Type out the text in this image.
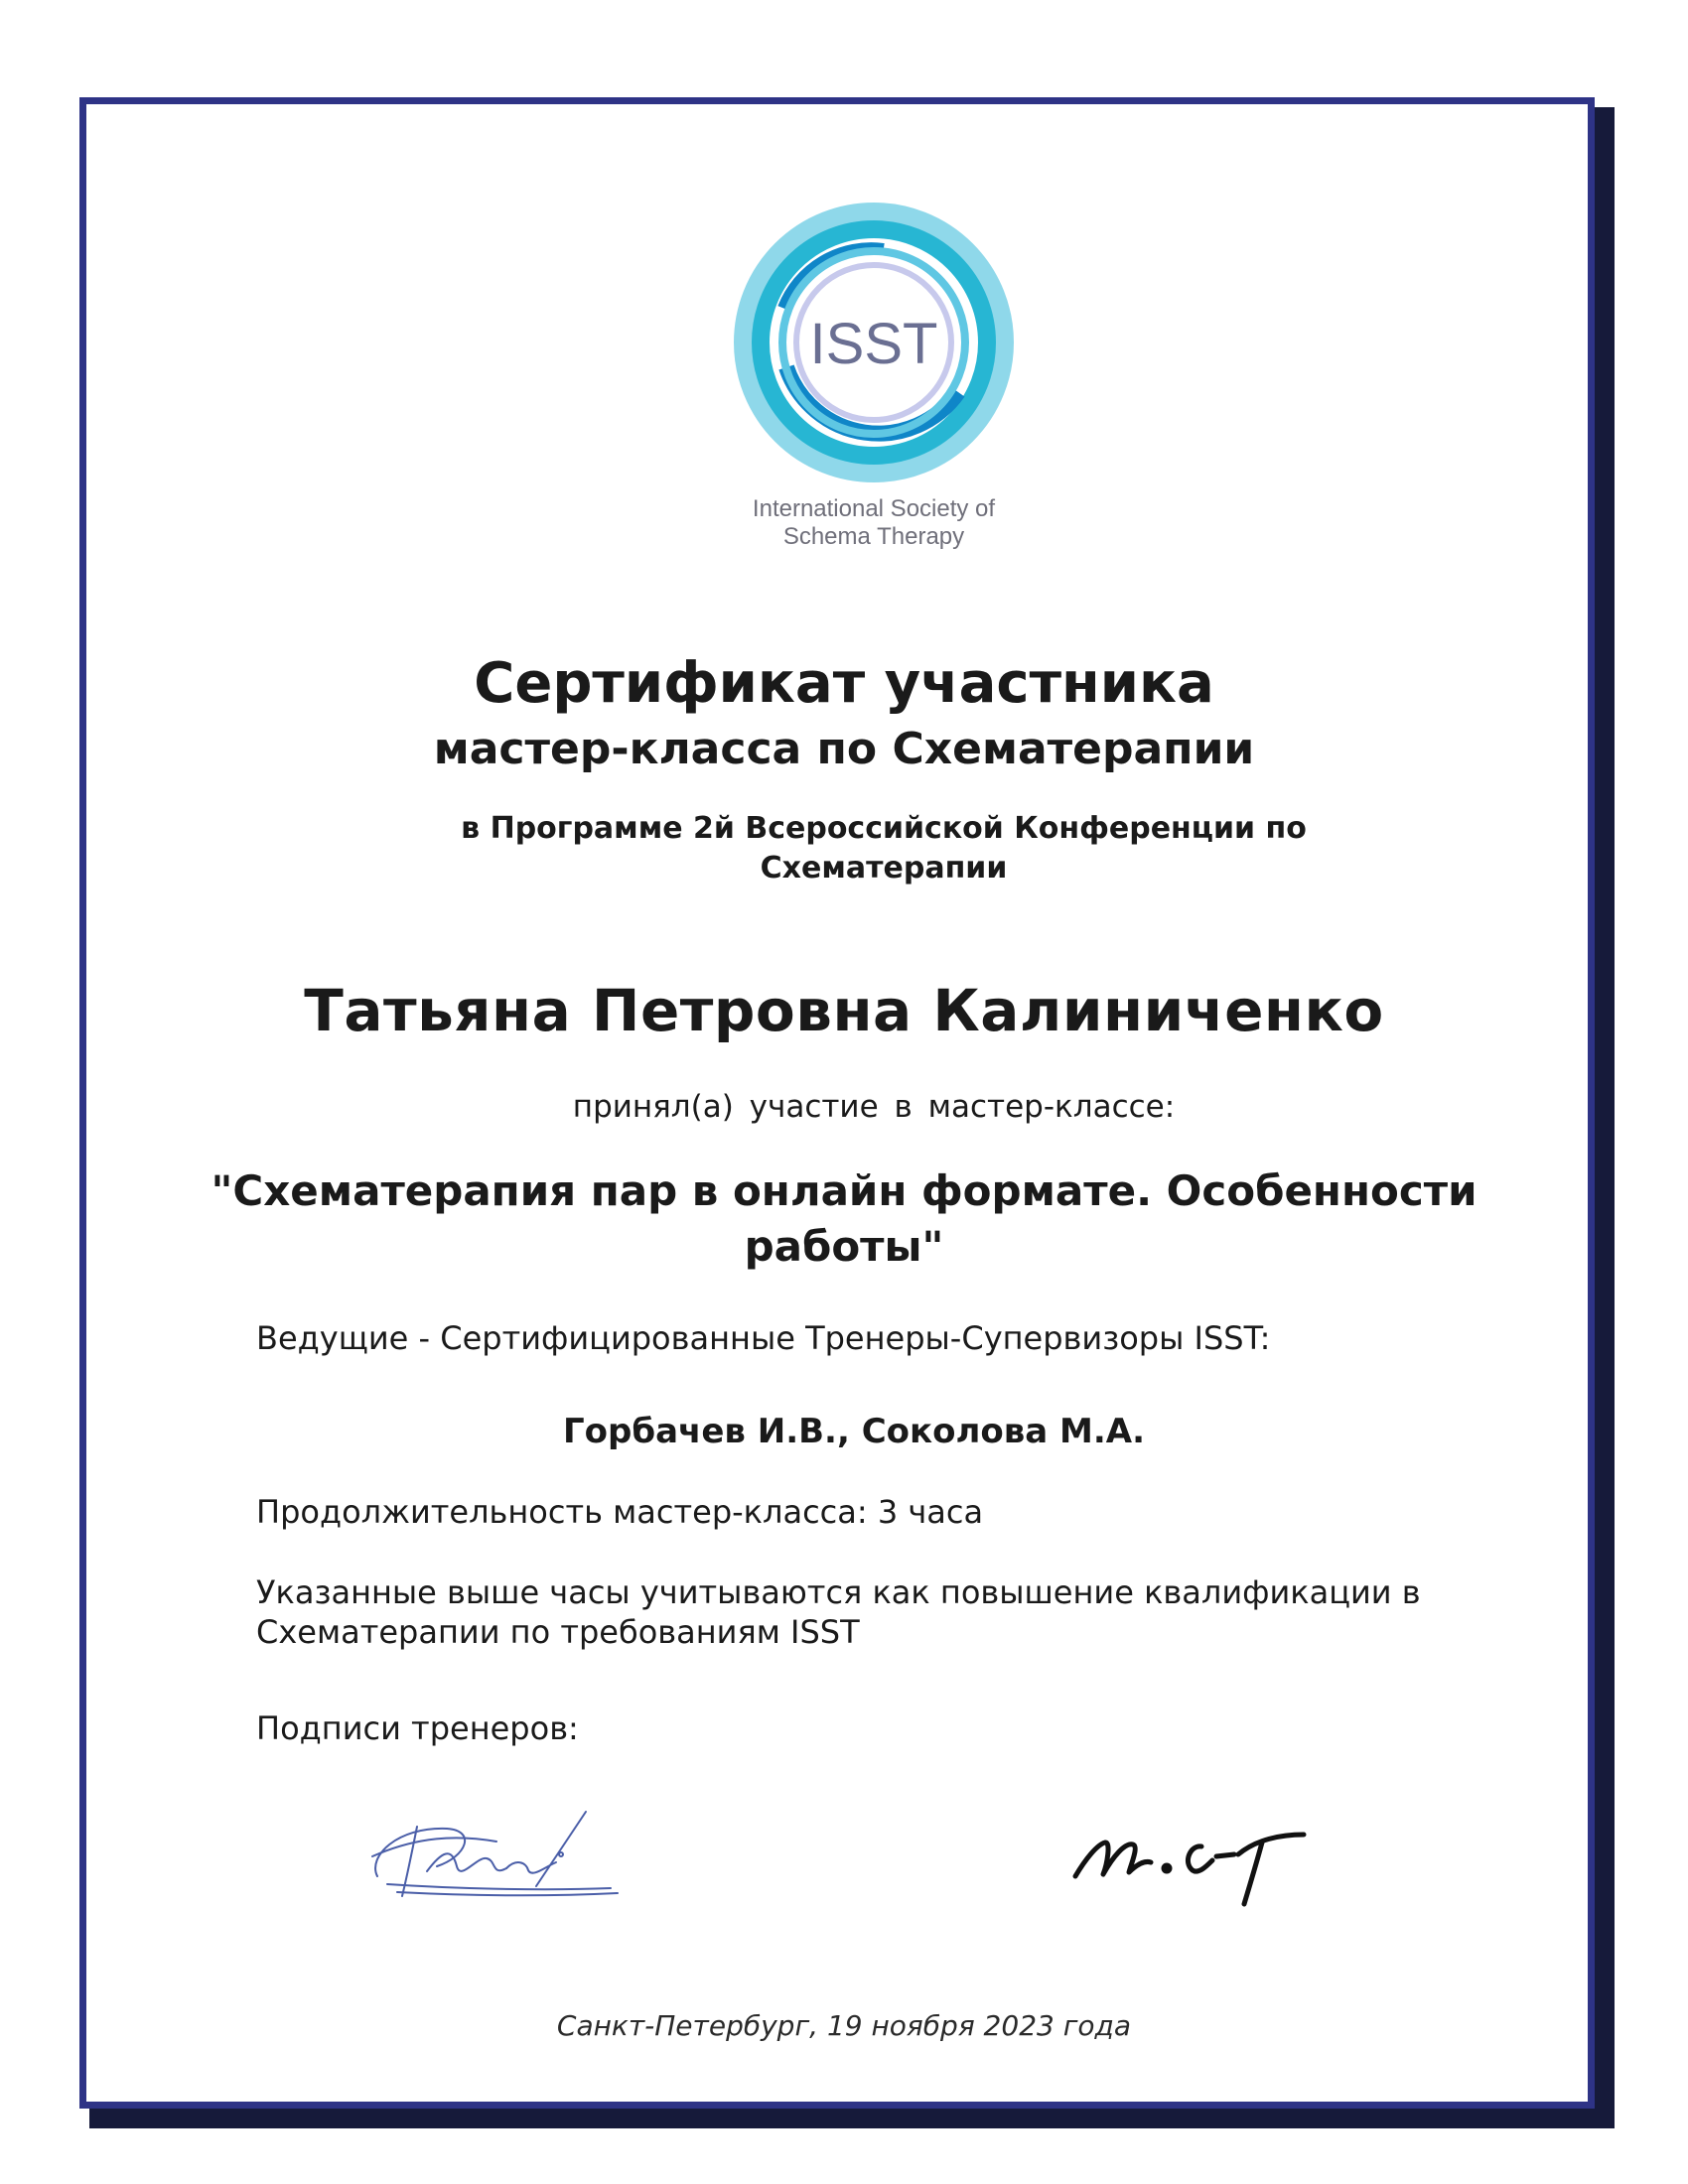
ISST
International Society of
Schema Therapy
Сертификат участника
мастер-класса по Схематерапии
в Программе 2й Всероссийской Конференции по Схематерапии
Татьяна Петровна Калиниченко
принял(а) участие в мастер-классе:
"Схематерапия пар в онлайн формате. Особенности работы"
Ведущие - Сертифицированные Тренеры-Супервизоры ISST:
Горбачев И.В., Соколова М.А.
Продолжительность мастер-класса: 3 часа
Указанные выше часы учитываются как повышение квалификации в Схематерапии по требованиям ISST
Подписи тренеров:
Санкт-Петербург, 19 ноября 2023 года
